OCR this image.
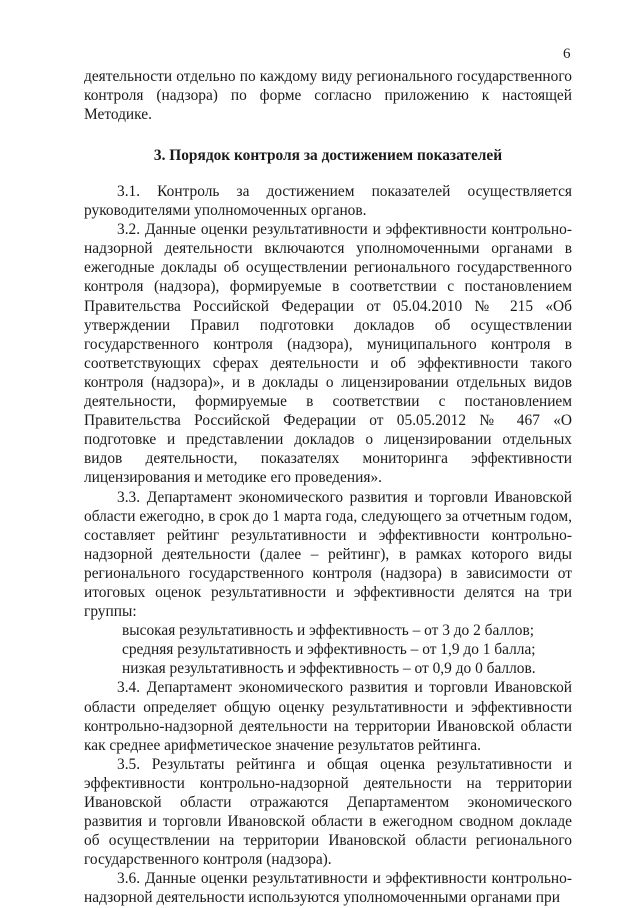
6

деятельности отдельно по каждому виду регионального государственного контроля (надзора) по форме согласно приложению к настоящей Методике.

3. Порядок контроля за достижением показателей

3.1. Контроль за достижением показателей осуществляется руководителями уполномоченных органов.

3.2. Данные оценки результативности и эффективности контрольно-надзорной деятельности включаются уполномоченными органами в ежегодные доклады об осуществлении регионального государственного контроля (надзора), формируемые в соответствии с постановлением Правительства Российской Федерации от 05.04.2010 № 215 «Об утверждении Правил подготовки докладов об осуществлении государственного контроля (надзора), муниципального контроля в соответствующих сферах деятельности и об эффективности такого контроля (надзора)», и в доклады о лицензировании отдельных видов деятельности, формируемые в соответствии с постановлением Правительства Российской Федерации от 05.05.2012 № 467 «О подготовке и представлении докладов о лицензировании отдельных видов деятельности, показателях мониторинга эффективности лицензирования и методике его проведения».

3.3. Департамент экономического развития и торговли Ивановской области ежегодно, в срок до 1 марта года, следующего за отчетным годом, составляет рейтинг результативности и эффективности контрольно-надзорной деятельности (далее – рейтинг), в рамках которого виды регионального государственного контроля (надзора) в зависимости от итоговых оценок результативности и эффективности делятся на три группы:

высокая результативность и эффективность – от 3 до 2 баллов;

средняя результативность и эффективность – от 1,9 до 1 балла;

низкая результативность и эффективность – от 0,9 до 0 баллов.

3.4. Департамент экономического развития и торговли Ивановской области определяет общую оценку результативности и эффективности контрольно-надзорной деятельности на территории Ивановской области как среднее арифметическое значение результатов рейтинга.

3.5. Результаты рейтинга и общая оценка результативности и эффективности контрольно-надзорной деятельности на территории Ивановской области отражаются Департаментом экономического развития и торговли Ивановской области в ежегодном сводном докладе об осуществлении на территории Ивановской области регионального государственного контроля (надзора).

3.6. Данные оценки результативности и эффективности контрольно-надзорной деятельности используются уполномоченными органами при
